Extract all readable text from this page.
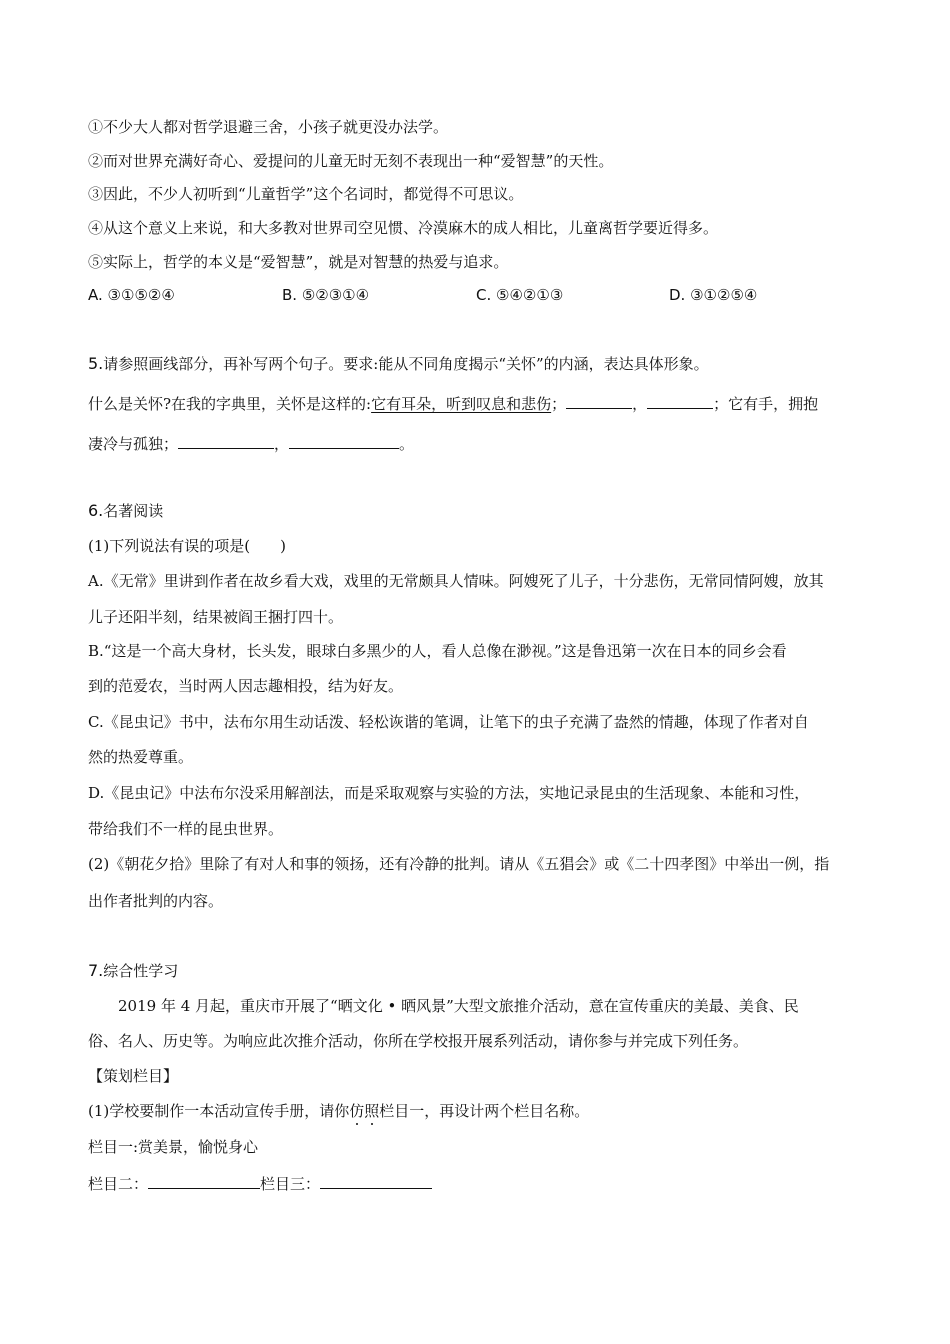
①不少大人都对哲学退避三舍，小孩子就更没办法学。
②而对世界充满好奇心、爱提问的儿童无时无刻不表现出一种“爱智慧”的天性。
③因此，不少人初听到“儿童哲学”这个名词时，都觉得不可思议。
④从这个意义上来说，和大多教对世界司空见惯、冷漠麻木的成人相比，儿童离哲学要近得多。
⑤实际上，哲学的本义是“爱智慧”，就是对智慧的热爱与追求。
A. ③①⑤②④	B. ⑤②③①④	C. ⑤④②①③	D. ③①②⑤④
5.请参照画线部分，再补写两个句子。要求:能从不同角度揭示“关怀”的内涵，表达具体形象。
什么是关怀?在我的字典里，关怀是这样的:它有耳朵，听到叹息和悲伤；	，	；它有手，拥抱
凄冷与孤独；	，	。
6.名著阅读
(1)下列说法有误的项是(　　)
A.《无常》里讲到作者在故乡看大戏，戏里的无常颇具人情味。阿嫂死了儿子，十分悲伤，无常同情阿嫂，放其
儿子还阳半刻，结果被阎王捆打四十。
B.“这是一个高大身材，长头发，眼球白多黑少的人，看人总像在渺视。”这是鲁迅第一次在日本的同乡会看
到的范爱农，当时两人因志趣相投，结为好友。
C.《昆虫记》书中，法布尔用生动话泼、轻松诙谐的笔调，让笔下的虫子充满了盎然的情趣，体现了作者对自
然的热爱尊重。
D.《昆虫记》中法布尔没采用解剖法，而是采取观察与实验的方法，实地记录昆虫的生活现象、本能和习性，
带给我们不一样的昆虫世界。
(2)《朝花夕拾》里除了有对人和事的领扬，还有冷静的批判。请从《五猖会》或《二十四孝图》中举出一例，指
出作者批判的内容。
7.综合性学习
2019 年 4 月起，重庆市开展了“晒文化 • 晒风景”大型文旅推介活动，意在宣传重庆的美最、美食、民
俗、名人、历史等。为响应此次推介活动，你所在学校报开展系列活动，请你参与并完成下列任务。
【策划栏目】
(1)学校要制作一本活动宣传手册，请你仿照栏目一，再设计两个栏目名称。
栏目一:赏美景，愉悦身心
栏目二：	栏目三：
